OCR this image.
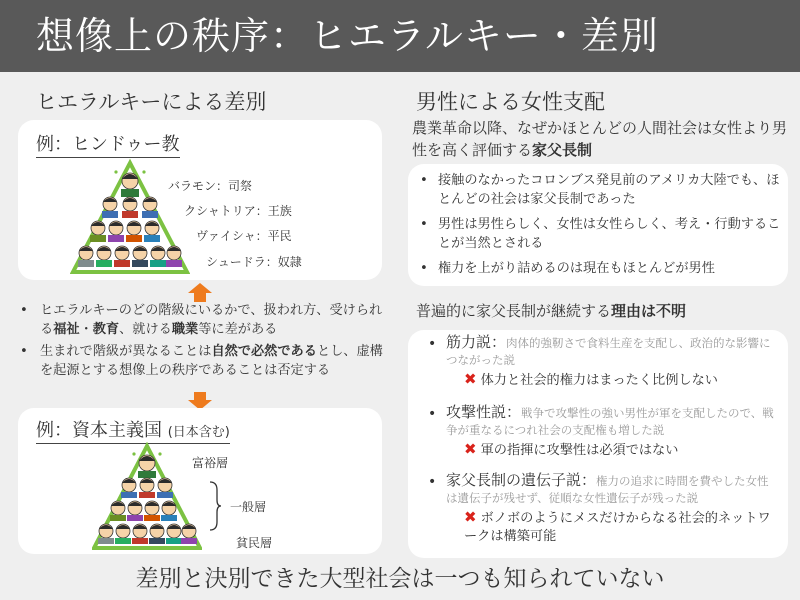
想像上の秩序：ヒエラルキー・差別
ヒエラルキーによる差別
例：ヒンドゥー教
バラモン：司祭
クシャトリア：王族
ヴァイシャ：平民
シュードラ：奴隷
• ヒエラルキーのどの階級にいるかで、扱われ方、受けられる福祉・教育、就ける職業等に差がある
• 生まれで階級が異なることは自然で必然であるとし、虚構を起源とする想像上の秩序であることは否定する
例：資本主義国 (日本含む)
富裕層
一般層
貧民層
男性による女性支配
農業革命以降、なぜかほとんどの人間社会は女性より男性を高く評価する家父長制
• 接触のなかったコロンブス発見前のアメリカ大陸でも、ほとんどの社会は家父長制であった
• 男性は男性らしく、女性は女性らしく、考え・行動することが当然とされる
• 権力を上がり詰めるのは現在もほとんどが男性
普遍的に家父長制が継続する理由は不明
• 筋力説：肉体的強靭さで食料生産を支配し、政治的な影響につながった説
✖ 体力と社会的権力はまったく比例しない
• 攻撃性説：戦争で攻撃性の強い男性が軍を支配したので、戦争が重なるにつれ社会の支配権も増した説
✖ 軍の指揮に攻撃性は必須ではない
• 家父長制の遺伝子説：権力の追求に時間を費やした女性は遺伝子が残せず、従順な女性遺伝子が残った説
✖ ボノボのようにメスだけからなる社会的ネットワークは構築可能
差別と決別できた大型社会は一つも知られていない
